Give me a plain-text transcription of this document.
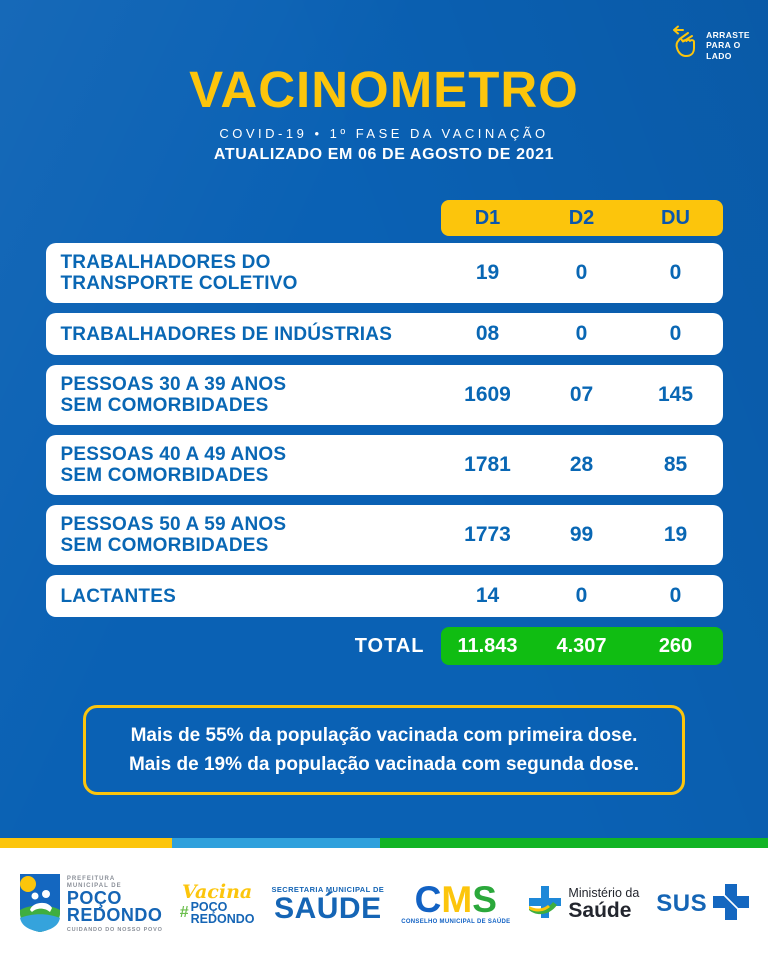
ARRASTE
PARA O
LADO
VACINOMETRO
COVID-19 • 1º FASE DA VACINAÇÃO
ATUALIZADO EM 06 DE AGOSTO DE 2021
D1	D2	DU
TRABALHADORES DO
TRANSPORTE COLETIVO	19	0	0
TRABALHADORES DE INDÚSTRIAS	08	0	0
PESSOAS 30 A 39 ANOS
SEM COMORBIDADES	1609	07	145
PESSOAS 40 A 49 ANOS
SEM COMORBIDADES	1781	28	85
PESSOAS 50 A 59 ANOS
SEM COMORBIDADES	1773	99	19
LACTANTES	14	0	0
TOTAL	11.843	4.307	260
Mais de 55% da população vacinada com primeira dose.
Mais de 19% da população vacinada com segunda dose.
PREFEITURA
MUNICIPAL DE
POÇO
REDONDO
CUIDANDO DO NOSSO POVO
Vacina
# POÇO
REDONDO
SECRETARIA MUNICIPAL DE
SAÚDE CMS
CONSELHO MUNICIPAL DE SAÚDE
Ministério da
Saúde	SUS
